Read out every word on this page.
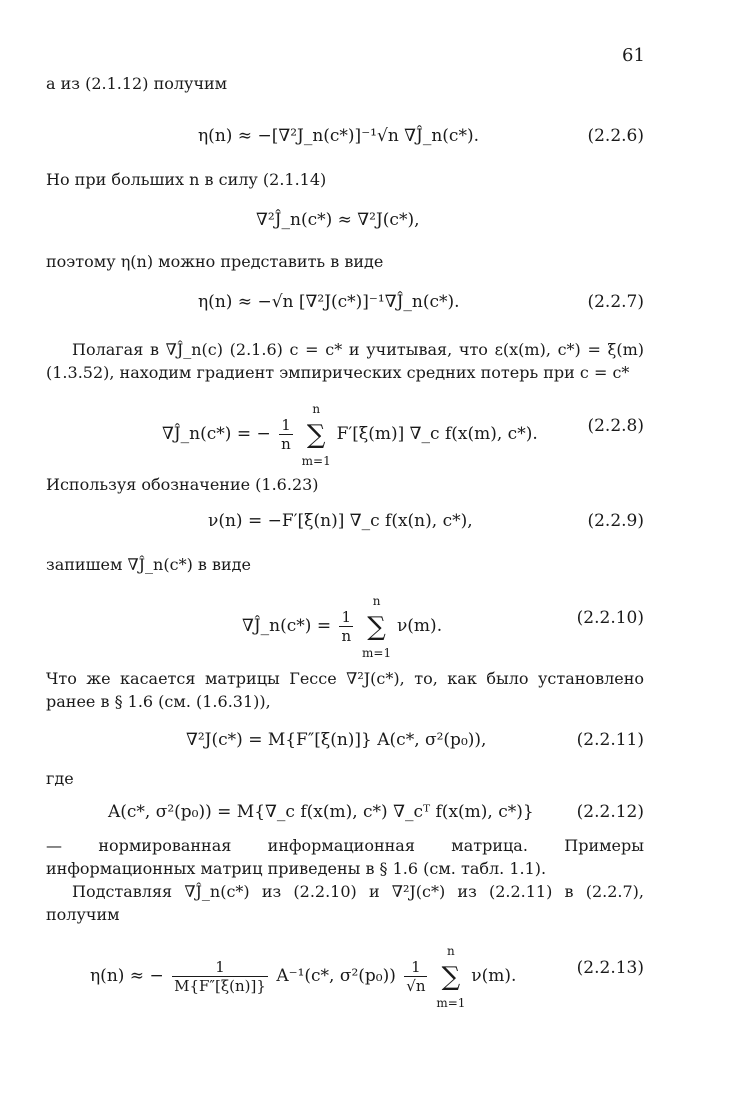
61

а из (2.1.12) получим

η(n) ≈ −[∇²J_n(c*)]⁻¹√n ∇Ĵ_n(c*).	(2.2.6)

Но при больших n в силу (2.1.14)

∇²Ĵ_n(c*) ≈ ∇²J(c*),

поэтому η(n) можно представить в виде

η(n) ≈ −√n [∇²J(c*)]⁻¹∇Ĵ_n(c*).	(2.2.7)

Полагая в ∇Ĵ_n(c) (2.1.6) c = c* и учитывая, что ε(x(m), c*) = ξ(m) (1.3.52), находим градиент эмпирических средних потерь при c = c*

∇Ĵ_n(c*) = − $\frac{1}{n}$

n
∑
m=1
F′[ξ(m)] ∇_c f(x(m), c*).	(2.2.8)

Используя обозначение (1.6.23)

ν(n) = −F′[ξ(n)] ∇_c f(x(n), c*),	(2.2.9)

запишем ∇Ĵ_n(c*) в виде

∇Ĵ_n(c*) = $\frac{1}{n}$

n
∑
m=1
ν(m).	(2.2.10)

Что же касается матрицы Гессе ∇²J(c*), то, как было установлено ранее в § 1.6 (см. (1.6.31)),

∇²J(c*) = M{F″[ξ(n)]} A(c*, σ²(p₀)),	(2.2.11)

где

A(c*, σ²(p₀)) = M{∇_c f(x(m), c*) ∇_cᵀ f(x(m), c*)}	(2.2.12)

— нормированная информационная матрица. Примеры информационных матриц приведены в § 1.6 (см. табл. 1.1).

Подставляя ∇Ĵ_n(c*) из (2.2.10) и ∇²J(c*) из (2.2.11) в (2.2.7), получим

η(n) ≈ − $\frac{1}{M\{F''[\xi(n)]\}} A^{-1}(c*$, $\sigma^2(p_0)) \frac{1}{√n}$

n
∑
m=1
ν(m).	(2.2.13)
